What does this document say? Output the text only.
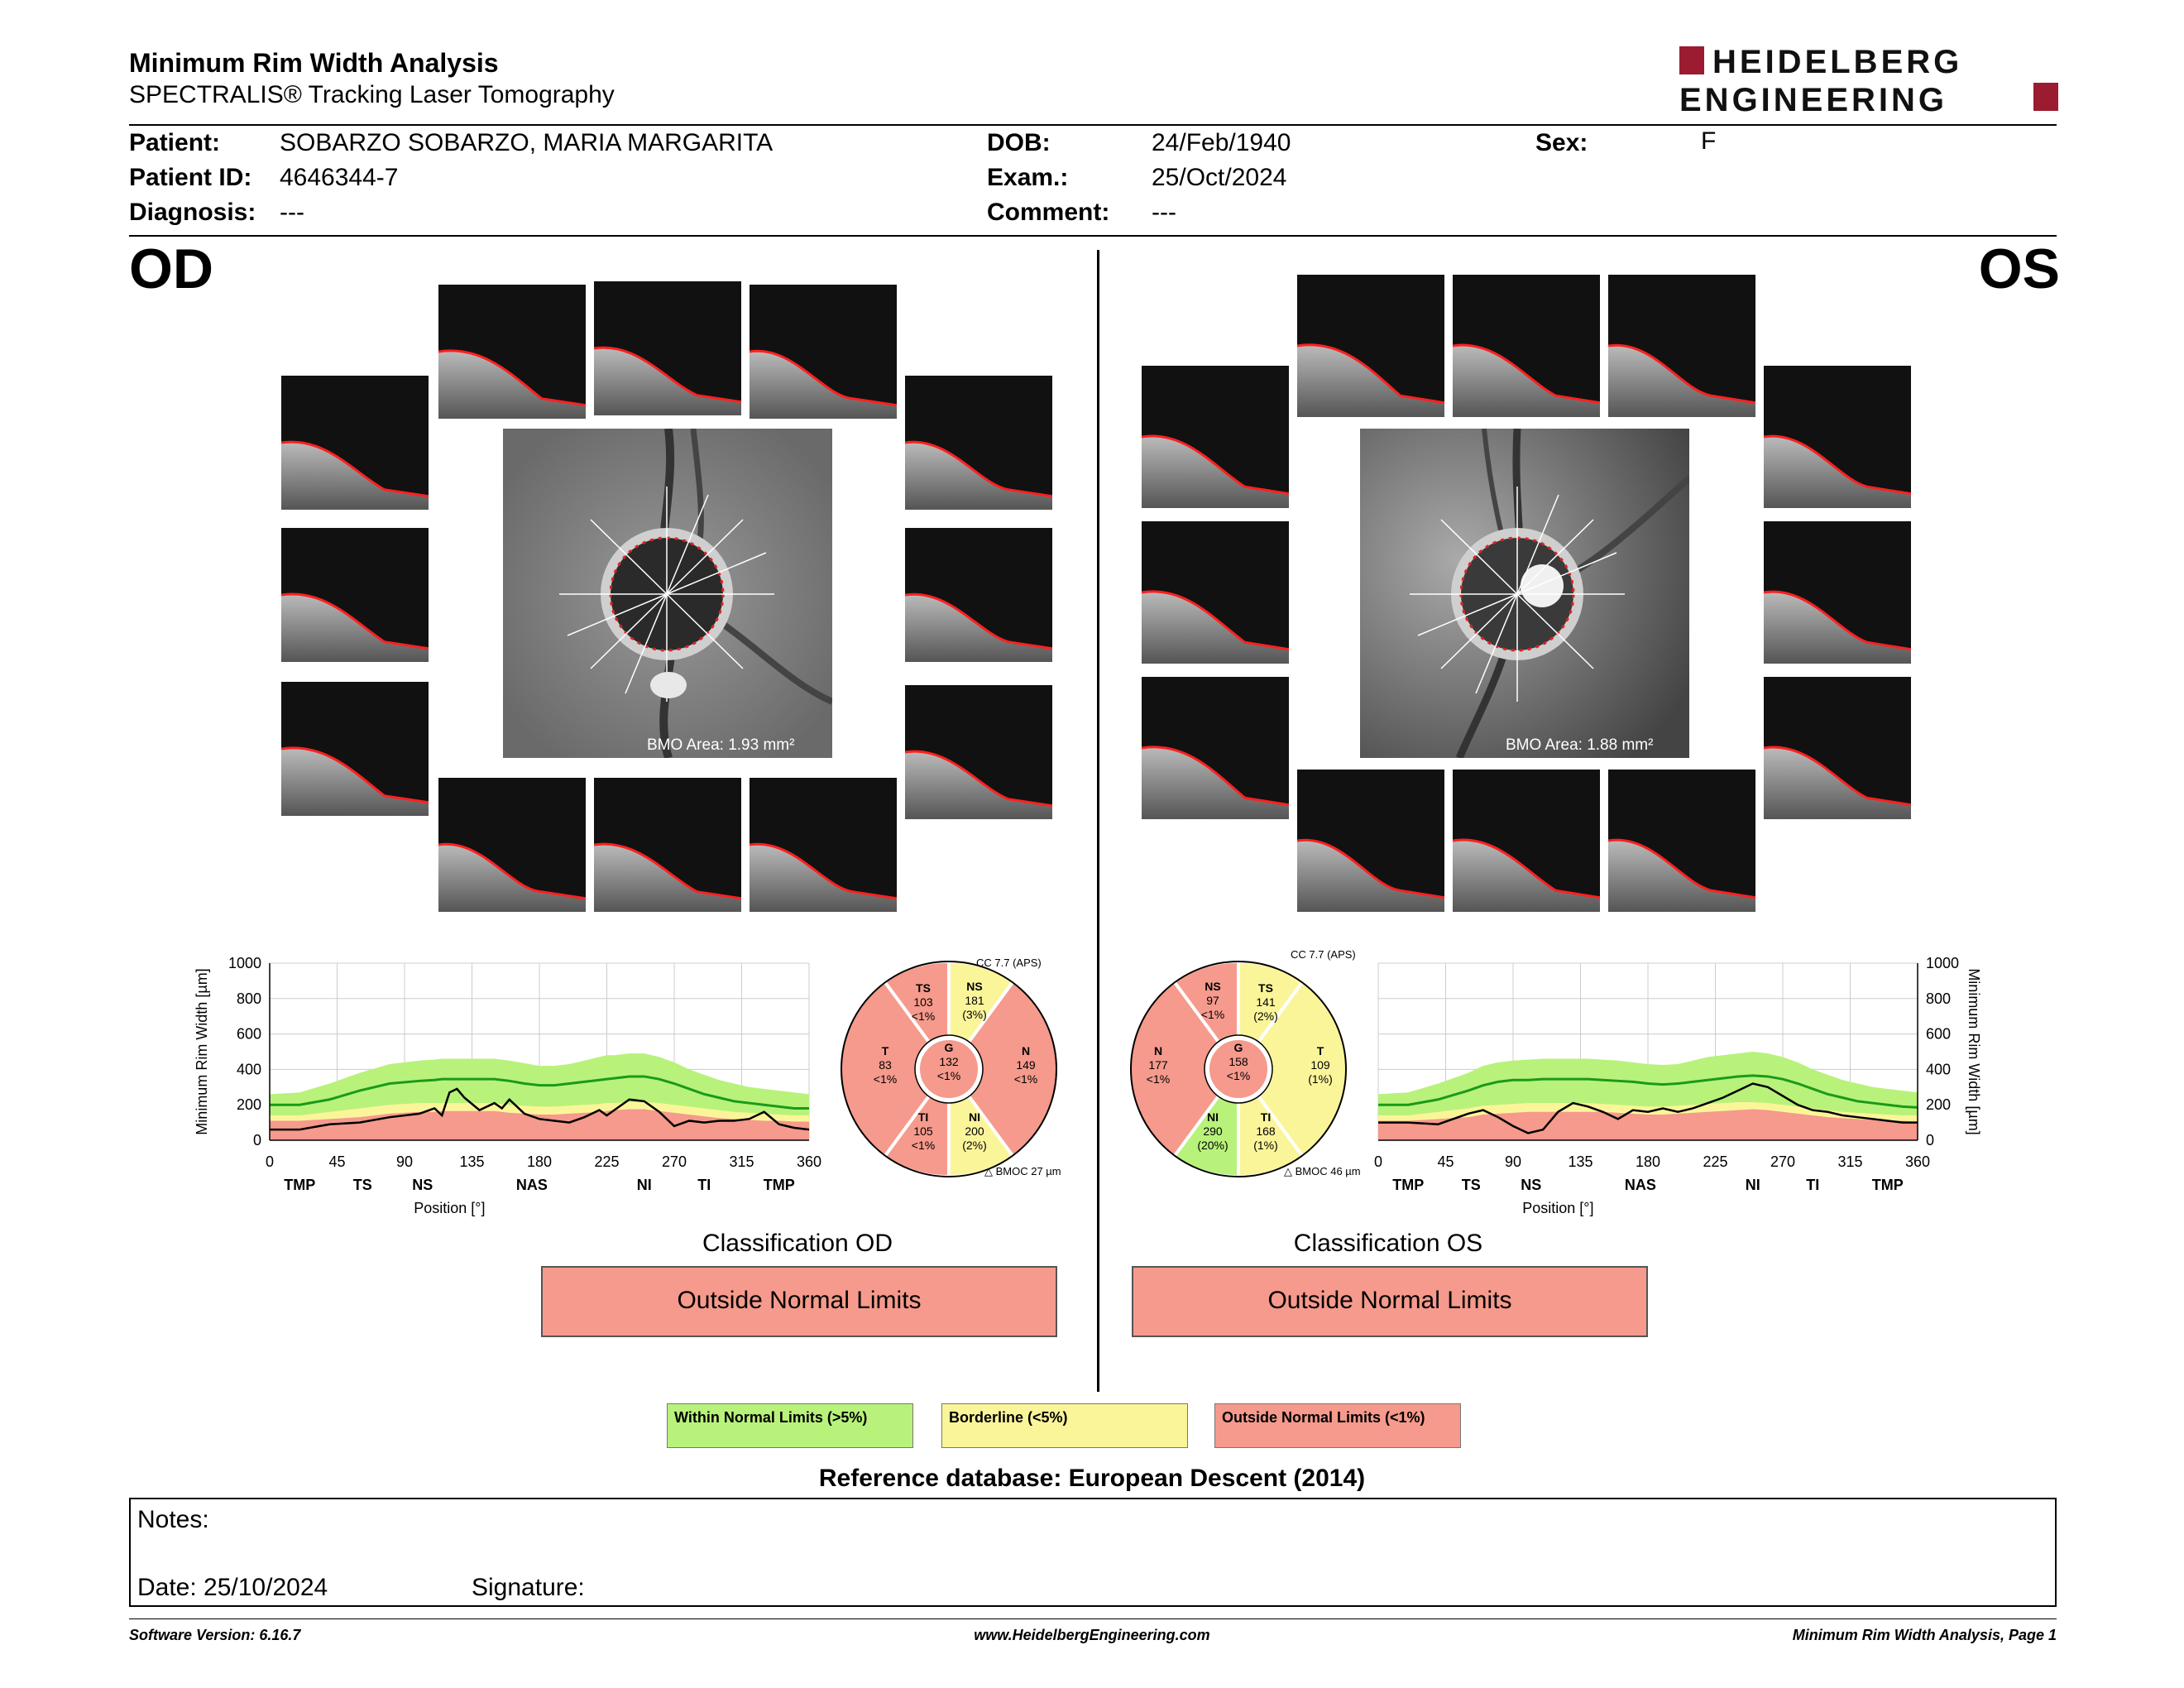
Minimum Rim Width Analysis
SPECTRALIS® Tracking Laser Tomography
HEIDELBERG
ENGINEERING
Patient: SOBARZO SOBARZO, MARIA MARGARITA
Patient ID: 4646344-7
Diagnosis: ---
DOB:	24/Feb/1940
Exam.:	25/Oct/2024
Comment: ---
Sex:	F
OD	OS
BMO Area: 1.93 mm²	BMO Area: 1.88 mm²
0
200
400
600
800
1000
0	45	90	135	180	225	270	315	360
TMP	TS	NS	NAS	NI	TI	TMP
Position [°]
Minimum Rim Width [µm]
0
200
400
600
800
1000
0	45	90	135	180	225	270	315	360
TMP	TS	NS	NAS	NI	TI	TMP
Position [°]
Minimum Rim Width [µm]
CC 7.7 (APS)
△ BMOC 27 µm
TS
103
<1%
NS
181
(3%)
T
83
<1%
G
132
<1%
N
149
<1%
TI
105
<1%
NI
200
(2%)
CC 7.7 (APS)
△ BMOC 46 µm
NS
97
<1%
TS
141
(2%)
N
177
<1%
G
158
<1%
T
109
(1%)
NI
290
(20%)
TI
168
(1%)
Classification OD
Outside Normal Limits
Classification OS
Outside Normal Limits
Within Normal Limits (>5%)	Borderline (<5%)	Outside Normal Limits (<1%)
Reference database: European Descent (2014)
Notes:
Date: 25/10/2024	Signature:
Software Version: 6.16.7	www.HeidelbergEngineering.com	Minimum Rim Width Analysis, Page 1
